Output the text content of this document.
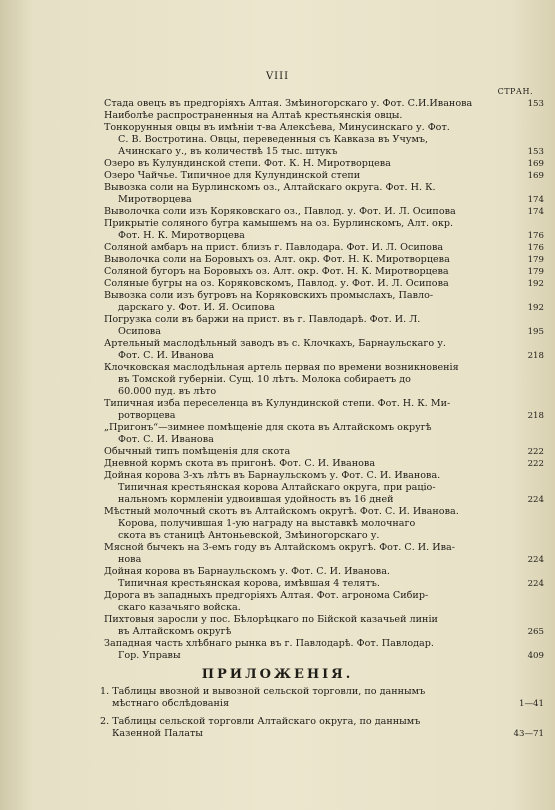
VIII
СТРАН.
Стада овецъ въ предгоріяхъ Алтая. Змѣиногорскаго у. Фот. С.И.Иванова	153
Наиболѣе распространенныя на Алтаѣ крестьянскія овцы.
Тонкорунныя овцы въ имѣніи т-ва Алексѣева, Минусинскаго у. Фот.
С. В. Востротина. Овцы, переведенныя съ Кавказа въ Учумъ,
Ачинскаго у., въ количествѣ 15 тыс. штукъ	153
Озеро въ Кулундинской степи. Фот. К. Н. Миротворцева	169
Озеро Чайчье. Типичное для Кулундинской степи	169
Вывозка соли на Бурлинскомъ оз., Алтайскаго округа. Фот. Н. К.
Миротворцева	174
Выволочка соли изъ Коряковскаго оз., Павлод. у. Фот. И. Л. Осипова	174
Прикрытіе соляного бугра камышемъ на оз. Бурлинскомъ, Алт. окр.
Фот. Н. К. Миротворцева	176
Соляной амбаръ на прист. близъ г. Павлодара. Фот. И. Л. Осипова	176
Выволочка соли на Боровыхъ оз. Алт. окр. Фот. Н. К. Миротворцева	179
Соляной бугоръ на Боровыхъ оз. Алт. окр. Фот. Н. К. Миротворцева	179
Соляные бугры на оз. Коряковскомъ, Павлод. у. Фот. И. Л. Осипова	192
Вывозка соли изъ бугровъ на Коряковскихъ промыслахъ, Павло-
дарскаго у. Фот. И. Я. Осипова	192
Погрузка соли въ баржи на прист. въ г. Павлодарѣ. Фот. И. Л.
Осипова	195
Артельный маслодѣльный заводъ въ с. Клочкахъ, Барнаульскаго у.
Фот. С. И. Иванова	218
Клочковская маслодѣльная артель первая по времени возникновенія
въ Томской губерніи. Сущ. 10 лѣтъ. Молока собираетъ до
60.000 пуд. въ лѣто
Типичная изба переселенца въ Кулундинской степи. Фот. Н. К. Ми-
ротворцева	218
„Пригонъ“—зимнее помѣщеніе для скота въ Алтайскомъ округѣ
Фот. С. И. Иванова
Обычный типъ помѣщенія для скота	222
Дневной кормъ скота въ пригонѣ. Фот. С. И. Иванова	222
Дойная корова 3-хъ лѣтъ въ Барнаульскомъ у. Фот. С. И. Иванова.
Типичная крестьянская корова Алтайскаго округа, при раціо-
нальномъ кормленіи удвоившая удойность въ 16 дней	224
Мѣстный молочный скотъ въ Алтайскомъ округѣ. Фот. С. И. Иванова.
Корова, получившая 1-ую награду на выставкѣ молочнаго
скота въ станицѣ Антоньевской, Змѣиногорскаго у.
Мясной бычекъ на 3-емъ году въ Алтайскомъ округѣ. Фот. С. И. Ива-
нова	224
Дойная корова въ Барнаульскомъ у. Фот. С. И. Иванова.
Типичная крестьянская корова, имѣвшая 4 телятъ.	224
Дорога въ западныхъ предгоріяхъ Алтая. Фот. агронома Сибир-
скаго казачьяго войска.
Пихтовыя заросли у пос. Бѣлорѣцкаго по Бійской казачьей линіи
въ Алтайскомъ округѣ	265
Западная часть хлѣбнаго рынка въ г. Павлодарѣ. Фот. Павлодар.
Гор. Управы	409
ПРИЛОЖЕНІЯ.
1. Таблицы ввозной и вывозной сельской торговли, по даннымъ
мѣстнаго обслѣдованія	1—41
2. Таблицы сельской торговли Алтайскаго округа, по даннымъ
Казенной Палаты	43—71
